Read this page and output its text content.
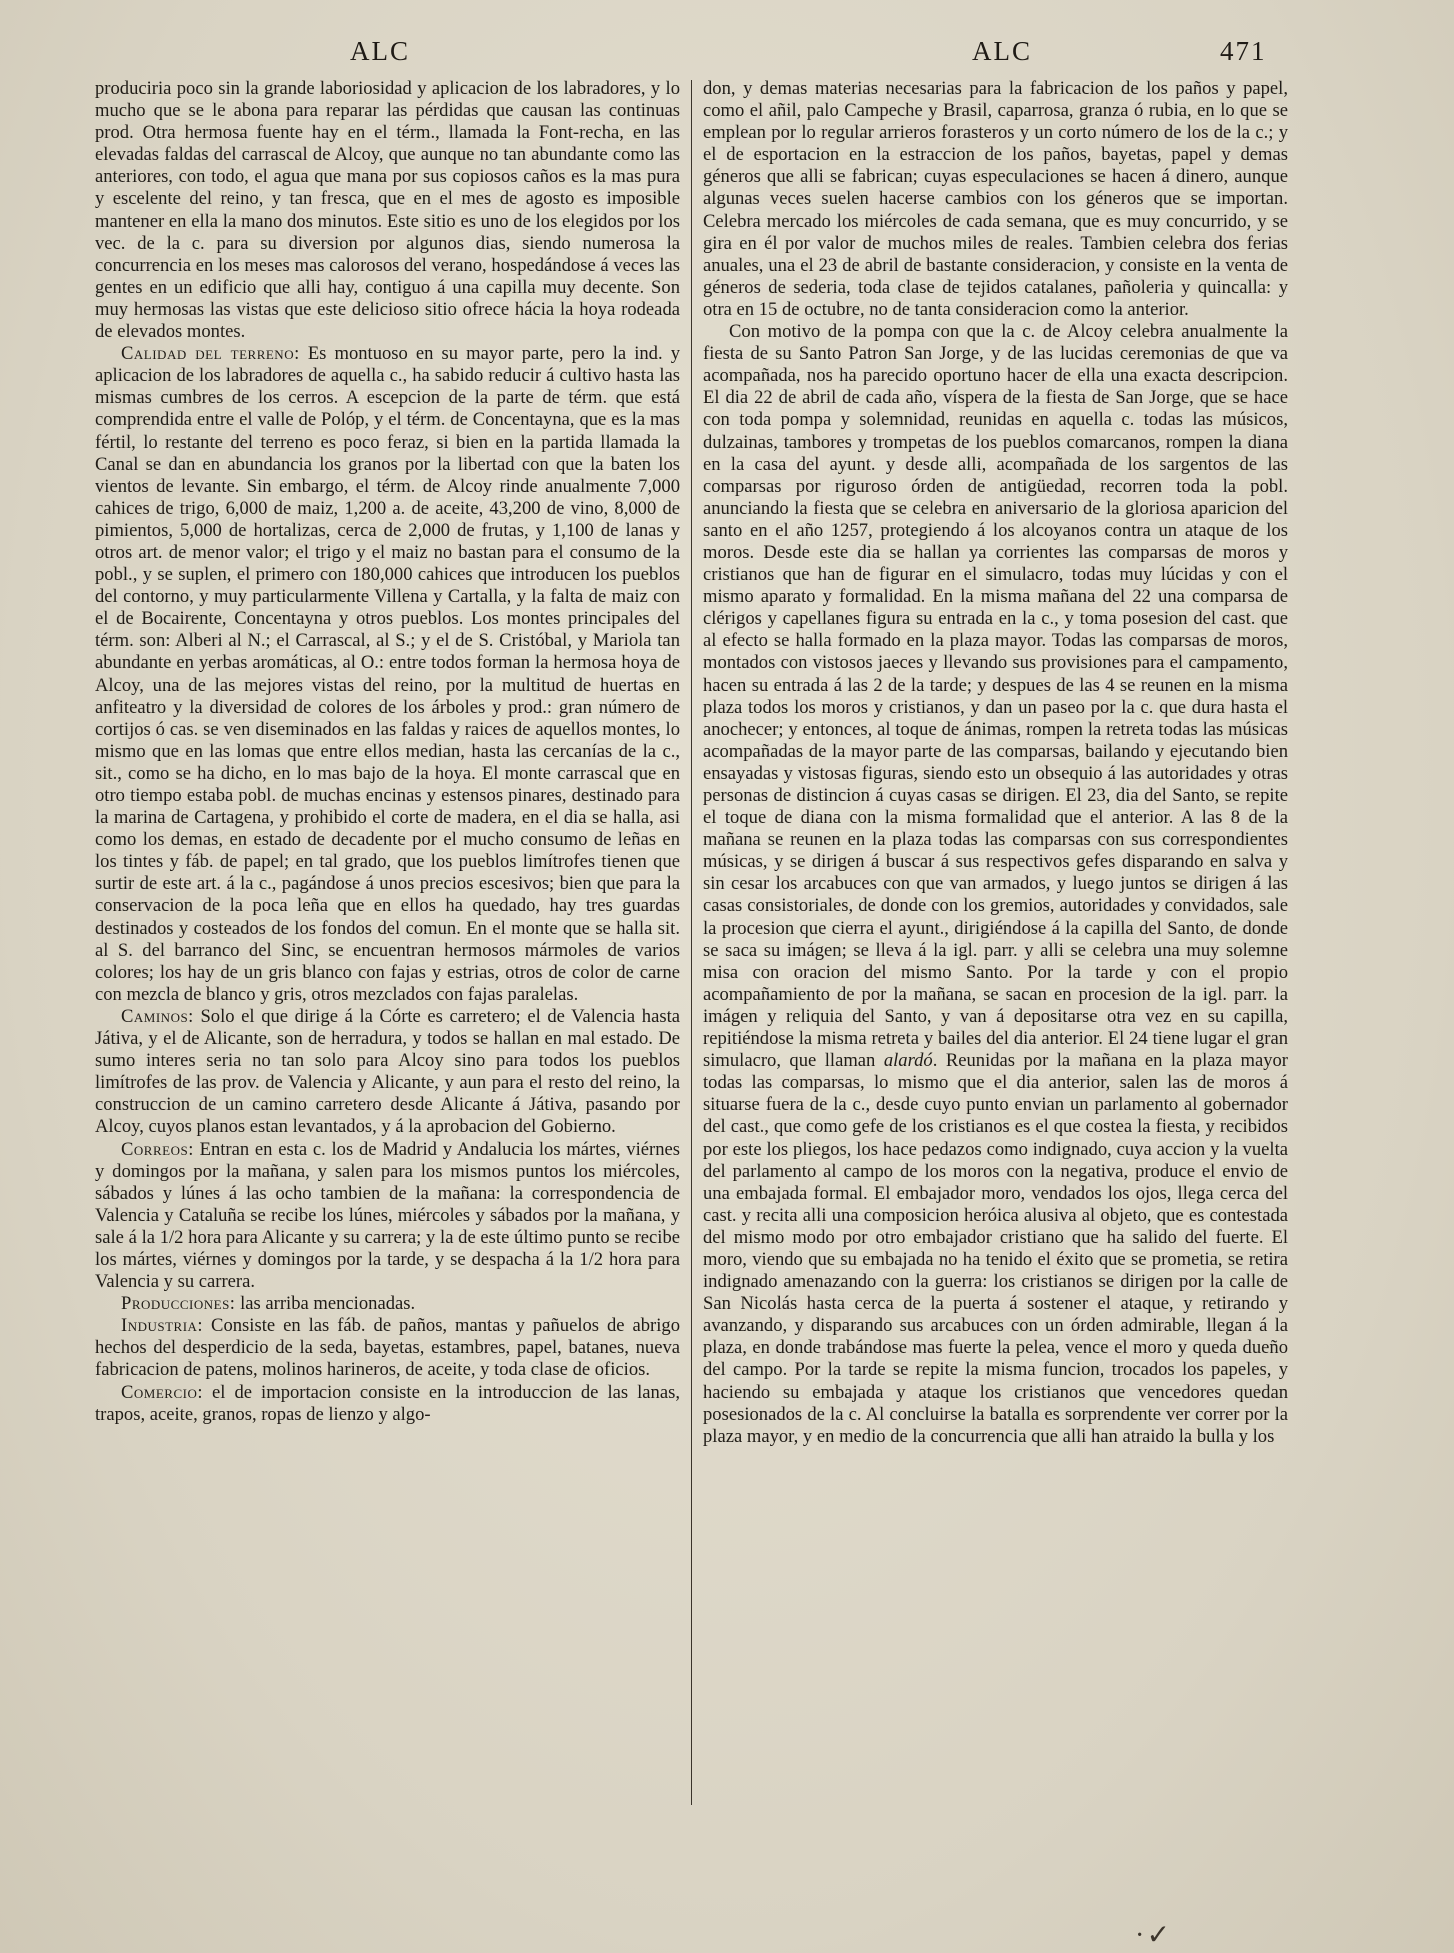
ALC	ALC	471

produciria poco sin la grande laboriosidad y aplicacion de los labradores, y lo mucho que se le abona para reparar las pérdidas que causan las continuas prod. Otra hermosa fuente hay en el térm., llamada la Font-recha, en las elevadas faldas del carrascal de Alcoy, que aunque no tan abundante como las anteriores, con todo, el agua que mana por sus copiosos caños es la mas pura y escelente del reino, y tan fresca, que en el mes de agosto es imposible mantener en ella la mano dos minutos. Este sitio es uno de los elegidos por los vec. de la c. para su diversion por algunos dias, siendo numerosa la concurrencia en los meses mas calorosos del verano, hospedándose á veces las gentes en un edificio que alli hay, contiguo á una capilla muy decente. Son muy hermosas las vistas que este delicioso sitio ofrece hácia la hoya rodeada de elevados montes.

Calidad del terreno: Es montuoso en su mayor parte, pero la ind. y aplicacion de los labradores de aquella c., ha sabido reducir á cultivo hasta las mismas cumbres de los cerros. A escepcion de la parte de térm. que está comprendida entre el valle de Polóp, y el térm. de Concentayna, que es la mas fértil, lo restante del terreno es poco feraz, si bien en la partida llamada la Canal se dan en abundancia los granos por la libertad con que la baten los vientos de levante. Sin embargo, el térm. de Alcoy rinde anualmente 7,000 cahices de trigo, 6,000 de maiz, 1,200 a. de aceite, 43,200 de vino, 8,000 de pimientos, 5,000 de hortalizas, cerca de 2,000 de frutas, y 1,100 de lanas y otros art. de menor valor; el trigo y el maiz no bastan para el consumo de la pobl., y se suplen, el primero con 180,000 cahices que introducen los pueblos del contorno, y muy particularmente Villena y Cartalla, y la falta de maiz con el de Bocairente, Concentayna y otros pueblos. Los montes principales del térm. son: Alberi al N.; el Carrascal, al S.; y el de S. Cristóbal, y Mariola tan abundante en yerbas aromáticas, al O.: entre todos forman la hermosa hoya de Alcoy, una de las mejores vistas del reino, por la multitud de huertas en anfiteatro y la diversidad de colores de los árboles y prod.: gran número de cortijos ó cas. se ven diseminados en las faldas y raices de aquellos montes, lo mismo que en las lomas que entre ellos median, hasta las cercanías de la c., sit., como se ha dicho, en lo mas bajo de la hoya. El monte carrascal que en otro tiempo estaba pobl. de muchas encinas y estensos pinares, destinado para la marina de Cartagena, y prohibido el corte de madera, en el dia se halla, asi como los demas, en estado de decadente por el mucho consumo de leñas en los tintes y fáb. de papel; en tal grado, que los pueblos limítrofes tienen que surtir de este art. á la c., pagándose á unos precios escesivos; bien que para la conservacion de la poca leña que en ellos ha quedado, hay tres guardas destinados y costeados de los fondos del comun. En el monte que se halla sit. al S. del barranco del Sinc, se encuentran hermosos mármoles de varios colores; los hay de un gris blanco con fajas y estrias, otros de color de carne con mezcla de blanco y gris, otros mezclados con fajas paralelas.

Caminos: Solo el que dirige á la Córte es carretero; el de Valencia hasta Játiva, y el de Alicante, son de herradura, y todos se hallan en mal estado. De sumo interes seria no tan solo para Alcoy sino para todos los pueblos limítrofes de las prov. de Valencia y Alicante, y aun para el resto del reino, la construccion de un camino carretero desde Alicante á Játiva, pasando por Alcoy, cuyos planos estan levantados, y á la aprobacion del Gobierno.

Correos: Entran en esta c. los de Madrid y Andalucia los mártes, viérnes y domingos por la mañana, y salen para los mismos puntos los miércoles, sábados y lúnes á las ocho tambien de la mañana: la correspondencia de Valencia y Cataluña se recibe los lúnes, miércoles y sábados por la mañana, y sale á la 1/2 hora para Alicante y su carrera; y la de este último punto se recibe los mártes, viérnes y domingos por la tarde, y se despacha á la 1/2 hora para Valencia y su carrera.

Producciones: las arriba mencionadas.

Industria: Consiste en las fáb. de paños, mantas y pañuelos de abrigo hechos del desperdicio de la seda, bayetas, estambres, papel, batanes, nueva fabricacion de patens, molinos harineros, de aceite, y toda clase de oficios.

Comercio: el de importacion consiste en la introduccion de las lanas, trapos, aceite, granos, ropas de lienzo y algo-

don, y demas materias necesarias para la fabricacion de los paños y papel, como el añil, palo Campeche y Brasil, caparrosa, granza ó rubia, en lo que se emplean por lo regular arrieros forasteros y un corto número de los de la c.; y el de esportacion en la estraccion de los paños, bayetas, papel y demas géneros que alli se fabrican; cuyas especulaciones se hacen á dinero, aunque algunas veces suelen hacerse cambios con los géneros que se importan. Celebra mercado los miércoles de cada semana, que es muy concurrido, y se gira en él por valor de muchos miles de reales. Tambien celebra dos ferias anuales, una el 23 de abril de bastante consideracion, y consiste en la venta de géneros de sederia, toda clase de tejidos catalanes, pañoleria y quincalla: y otra en 15 de octubre, no de tanta consideracion como la anterior.

Con motivo de la pompa con que la c. de Alcoy celebra anualmente la fiesta de su Santo Patron San Jorge, y de las lucidas ceremonias de que va acompañada, nos ha parecido oportuno hacer de ella una exacta descripcion. El dia 22 de abril de cada año, víspera de la fiesta de San Jorge, que se hace con toda pompa y solemnidad, reunidas en aquella c. todas las músicos, dulzainas, tambores y trompetas de los pueblos comarcanos, rompen la diana en la casa del ayunt. y desde alli, acompañada de los sargentos de las comparsas por riguroso órden de antigüedad, recorren toda la pobl. anunciando la fiesta que se celebra en aniversario de la gloriosa aparicion del santo en el año 1257, protegiendo á los alcoyanos contra un ataque de los moros. Desde este dia se hallan ya corrientes las comparsas de moros y cristianos que han de figurar en el simulacro, todas muy lúcidas y con el mismo aparato y formalidad. En la misma mañana del 22 una comparsa de clérigos y capellanes figura su entrada en la c., y toma posesion del cast. que al efecto se halla formado en la plaza mayor. Todas las comparsas de moros, montados con vistosos jaeces y llevando sus provisiones para el campamento, hacen su entrada á las 2 de la tarde; y despues de las 4 se reunen en la misma plaza todos los moros y cristianos, y dan un paseo por la c. que dura hasta el anochecer; y entonces, al toque de ánimas, rompen la retreta todas las músicas acompañadas de la mayor parte de las comparsas, bailando y ejecutando bien ensayadas y vistosas figuras, siendo esto un obsequio á las autoridades y otras personas de distincion á cuyas casas se dirigen. El 23, dia del Santo, se repite el toque de diana con la misma formalidad que el anterior. A las 8 de la mañana se reunen en la plaza todas las comparsas con sus correspondientes músicas, y se dirigen á buscar á sus respectivos gefes disparando en salva y sin cesar los arcabuces con que van armados, y luego juntos se dirigen á las casas consistoriales, de donde con los gremios, autoridades y convidados, sale la procesion que cierra el ayunt., dirigiéndose á la capilla del Santo, de donde se saca su imágen; se lleva á la igl. parr. y alli se celebra una muy solemne misa con oracion del mismo Santo. Por la tarde y con el propio acompañamiento de por la mañana, se sacan en procesion de la igl. parr. la imágen y reliquia del Santo, y van á depositarse otra vez en su capilla, repitiéndose la misma retreta y bailes del dia anterior. El 24 tiene lugar el gran simulacro, que llaman alardó. Reunidas por la mañana en la plaza mayor todas las comparsas, lo mismo que el dia anterior, salen las de moros á situarse fuera de la c., desde cuyo punto envian un parlamento al gobernador del cast., que como gefe de los cristianos es el que costea la fiesta, y recibidos por este los pliegos, los hace pedazos como indignado, cuya accion y la vuelta del parlamento al campo de los moros con la negativa, produce el envio de una embajada formal. El embajador moro, vendados los ojos, llega cerca del cast. y recita alli una composicion heróica alusiva al objeto, que es contestada del mismo modo por otro embajador cristiano que ha salido del fuerte. El moro, viendo que su embajada no ha tenido el éxito que se prometia, se retira indignado amenazando con la guerra: los cristianos se dirigen por la calle de San Nicolás hasta cerca de la puerta á sostener el ataque, y retirando y avanzando, y disparando sus arcabuces con un órden admirable, llegan á la plaza, en donde trabándose mas fuerte la pelea, vence el moro y queda dueño del campo. Por la tarde se repite la misma funcion, trocados los papeles, y haciendo su embajada y ataque los cristianos que vencedores quedan posesionados de la c. Al concluirse la batalla es sorprendente ver correr por la plaza mayor, y en medio de la concurrencia que alli han atraido la bulla y los

· ✓
